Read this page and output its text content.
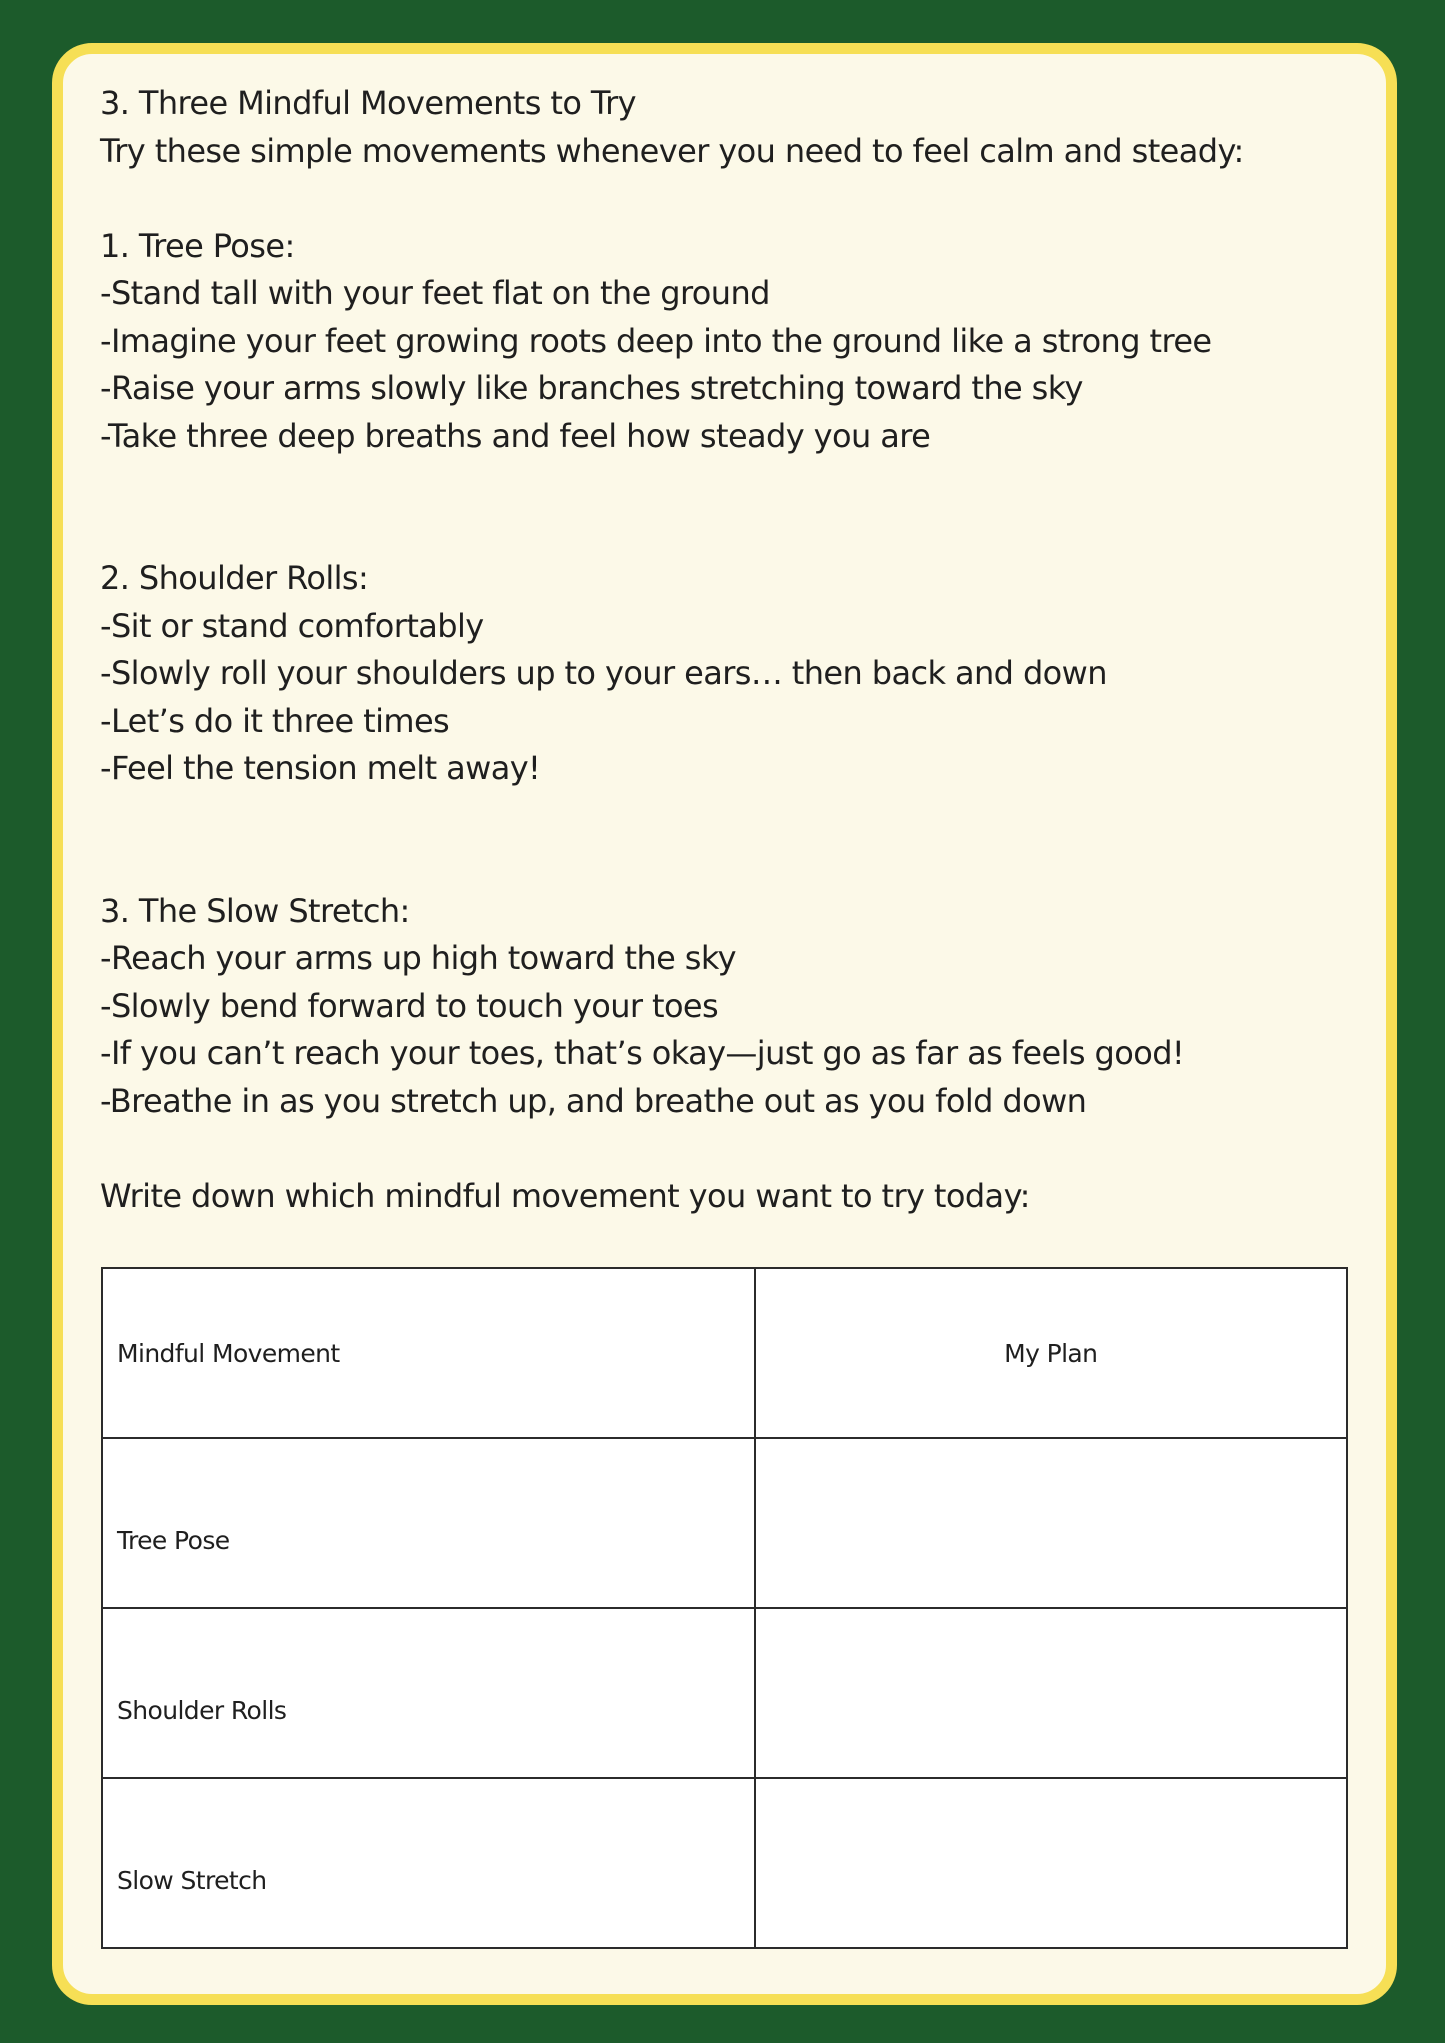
3. Three Mindful Movements to Try
Try these simple movements whenever you need to feel calm and steady:
1. Tree Pose:
-Stand tall with your feet flat on the ground
-Imagine your feet growing roots deep into the ground like a strong tree
-Raise your arms slowly like branches stretching toward the sky
-Take three deep breaths and feel how steady you are
2. Shoulder Rolls:
-Sit or stand comfortably
-Slowly roll your shoulders up to your ears… then back and down
-Let’s do it three times
-Feel the tension melt away!
3. The Slow Stretch:
-Reach your arms up high toward the sky
-Slowly bend forward to touch your toes
-If you can’t reach your toes, that’s okay—just go as far as feels good!
-Breathe in as you stretch up, and breathe out as you fold down
Write down which mindful movement you want to try today:
Mindful Movement	My Plan
Tree Pose	
Shoulder Rolls	
Slow Stretch	
